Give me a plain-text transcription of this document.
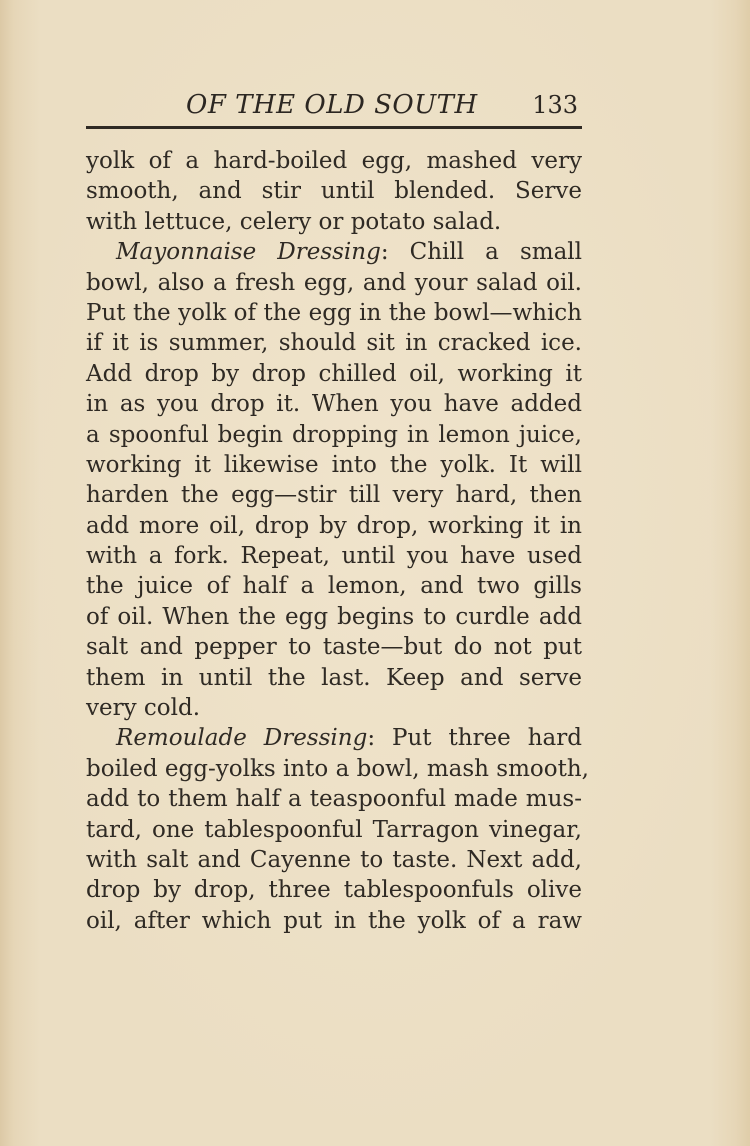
OF THE OLD SOUTH 133
yolk of a hard-boiled egg, mashed very
smooth, and stir until blended. Serve
with lettuce, celery or potato salad.
Mayonnaise Dressing: Chill a small
bowl, also a fresh egg, and your salad oil.
Put the yolk of the egg in the bowl—which
if it is summer, should sit in cracked ice.
Add drop by drop chilled oil, working it
in as you drop it. When you have added
a spoonful begin dropping in lemon juice,
working it likewise into the yolk. It will
harden the egg—stir till very hard, then
add more oil, drop by drop, working it in
with a fork. Repeat, until you have used
the juice of half a lemon, and two gills
of oil. When the egg begins to curdle add
salt and pepper to taste—but do not put
them in until the last. Keep and serve
very cold.
Remoulade Dressing: Put three hard
boiled egg-yolks into a bowl, mash smooth,
add to them half a teaspoonful made mus-
tard, one tablespoonful Tarragon vinegar,
with salt and Cayenne to taste. Next add,
drop by drop, three tablespoonfuls olive
oil, after which put in the yolk of a raw
